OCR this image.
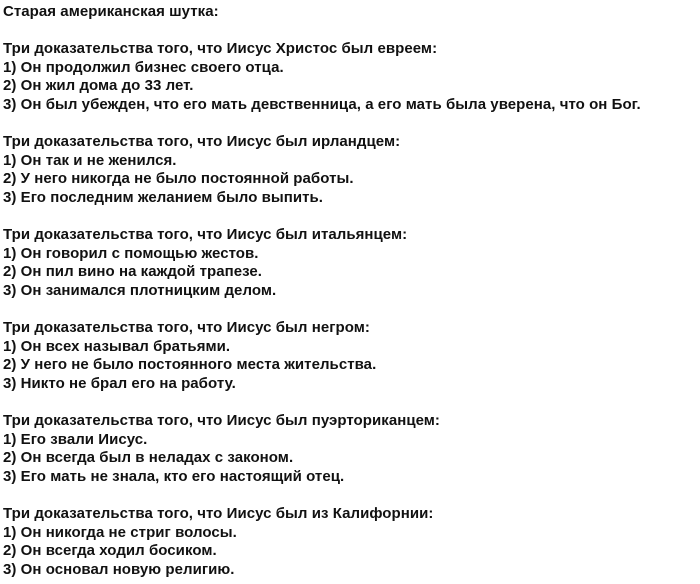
Старая американская шутка:
Три доказательства того, что Иисус Христос был евреем:
1) Он продолжил бизнес своего отца.
2) Он жил дома до 33 лет.
3) Он был убежден, что его мать девственница, а его мать была уверена, что он Бог.
Три доказательства того, что Иисус был ирландцем:
1) Он так и не женился.
2) У него никогда не было постоянной работы.
3) Его последним желанием было выпить.
Три доказательства того, что Иисус был итальянцем:
1) Он говорил с помощью жестов.
2) Он пил вино на каждой трапезе.
3) Он занимался плотницким делом.
Три доказательства того, что Иисус был негром:
1) Он всех называл братьями.
2) У него не было постоянного места жительства.
3) Никто не брал его на работу.
Три доказательства того, что Иисус был пуэрториканцем:
1) Его звали Иисус.
2) Он всегда был в неладах с законом.
3) Его мать не знала, кто его настоящий отец.
Три доказательства того, что Иисус был из Калифорнии:
1) Он никогда не стриг волосы.
2) Он всегда ходил босиком.
3) Он основал новую религию.
